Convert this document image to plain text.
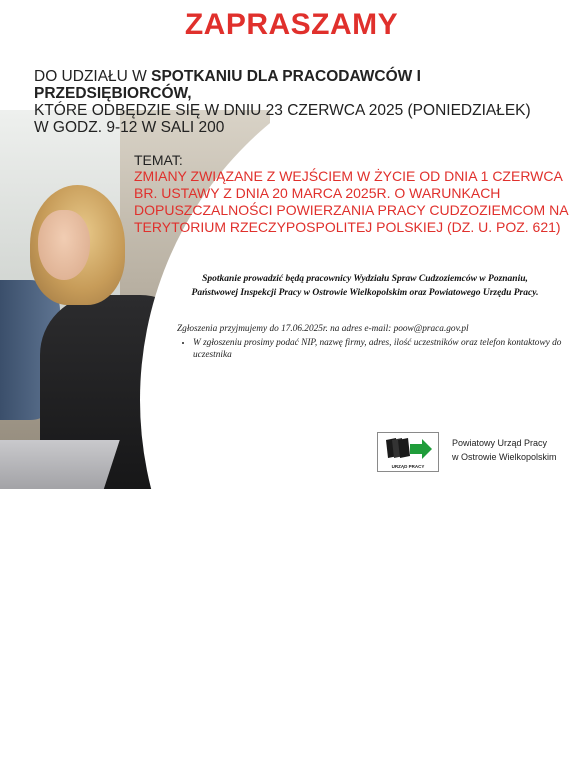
ZAPRASZAMY
DO UDZIAŁU W SPOTKANIU DLA PRACODAWCÓW I PRZEDSIĘBIORCÓW,
KTÓRE ODBĘDZIE SIĘ W DNIU 23 CZERWCA 2025 (PONIEDZIAŁEK)
W GODZ. 9-12 W SALI 200
TEMAT:
ZMIANY ZWIĄZANE Z WEJŚCIEM W ŻYCIE OD DNIA 1 CZERWCA BR. USTAWY Z DNIA 20 MARCA 2025R. O WARUNKACH DOPUSZCZALNOŚCI POWIERZANIA PRACY CUDZOZIEMCOM NA TERYTORIUM RZECZYPOSPOLITEJ POLSKIEJ (DZ. U. POZ. 621)
Spotkanie prowadzić będą pracownicy Wydziału Spraw Cudzoziemców w Poznaniu,
Państwowej Inspekcji Pracy w Ostrowie Wielkopolskim oraz Powiatowego Urzędu Pracy.
Zgłoszenia przyjmujemy do 17.06.2025r. na adres e-mail: poow@praca.gov.pl
• W zgłoszeniu prosimy podać NIP, nazwę firmy, adres, ilość uczestników oraz telefon kontaktowy do uczestnika
URZĄD PRACY
Powiatowy Urząd Pracy
w Ostrowie Wielkopolskim
